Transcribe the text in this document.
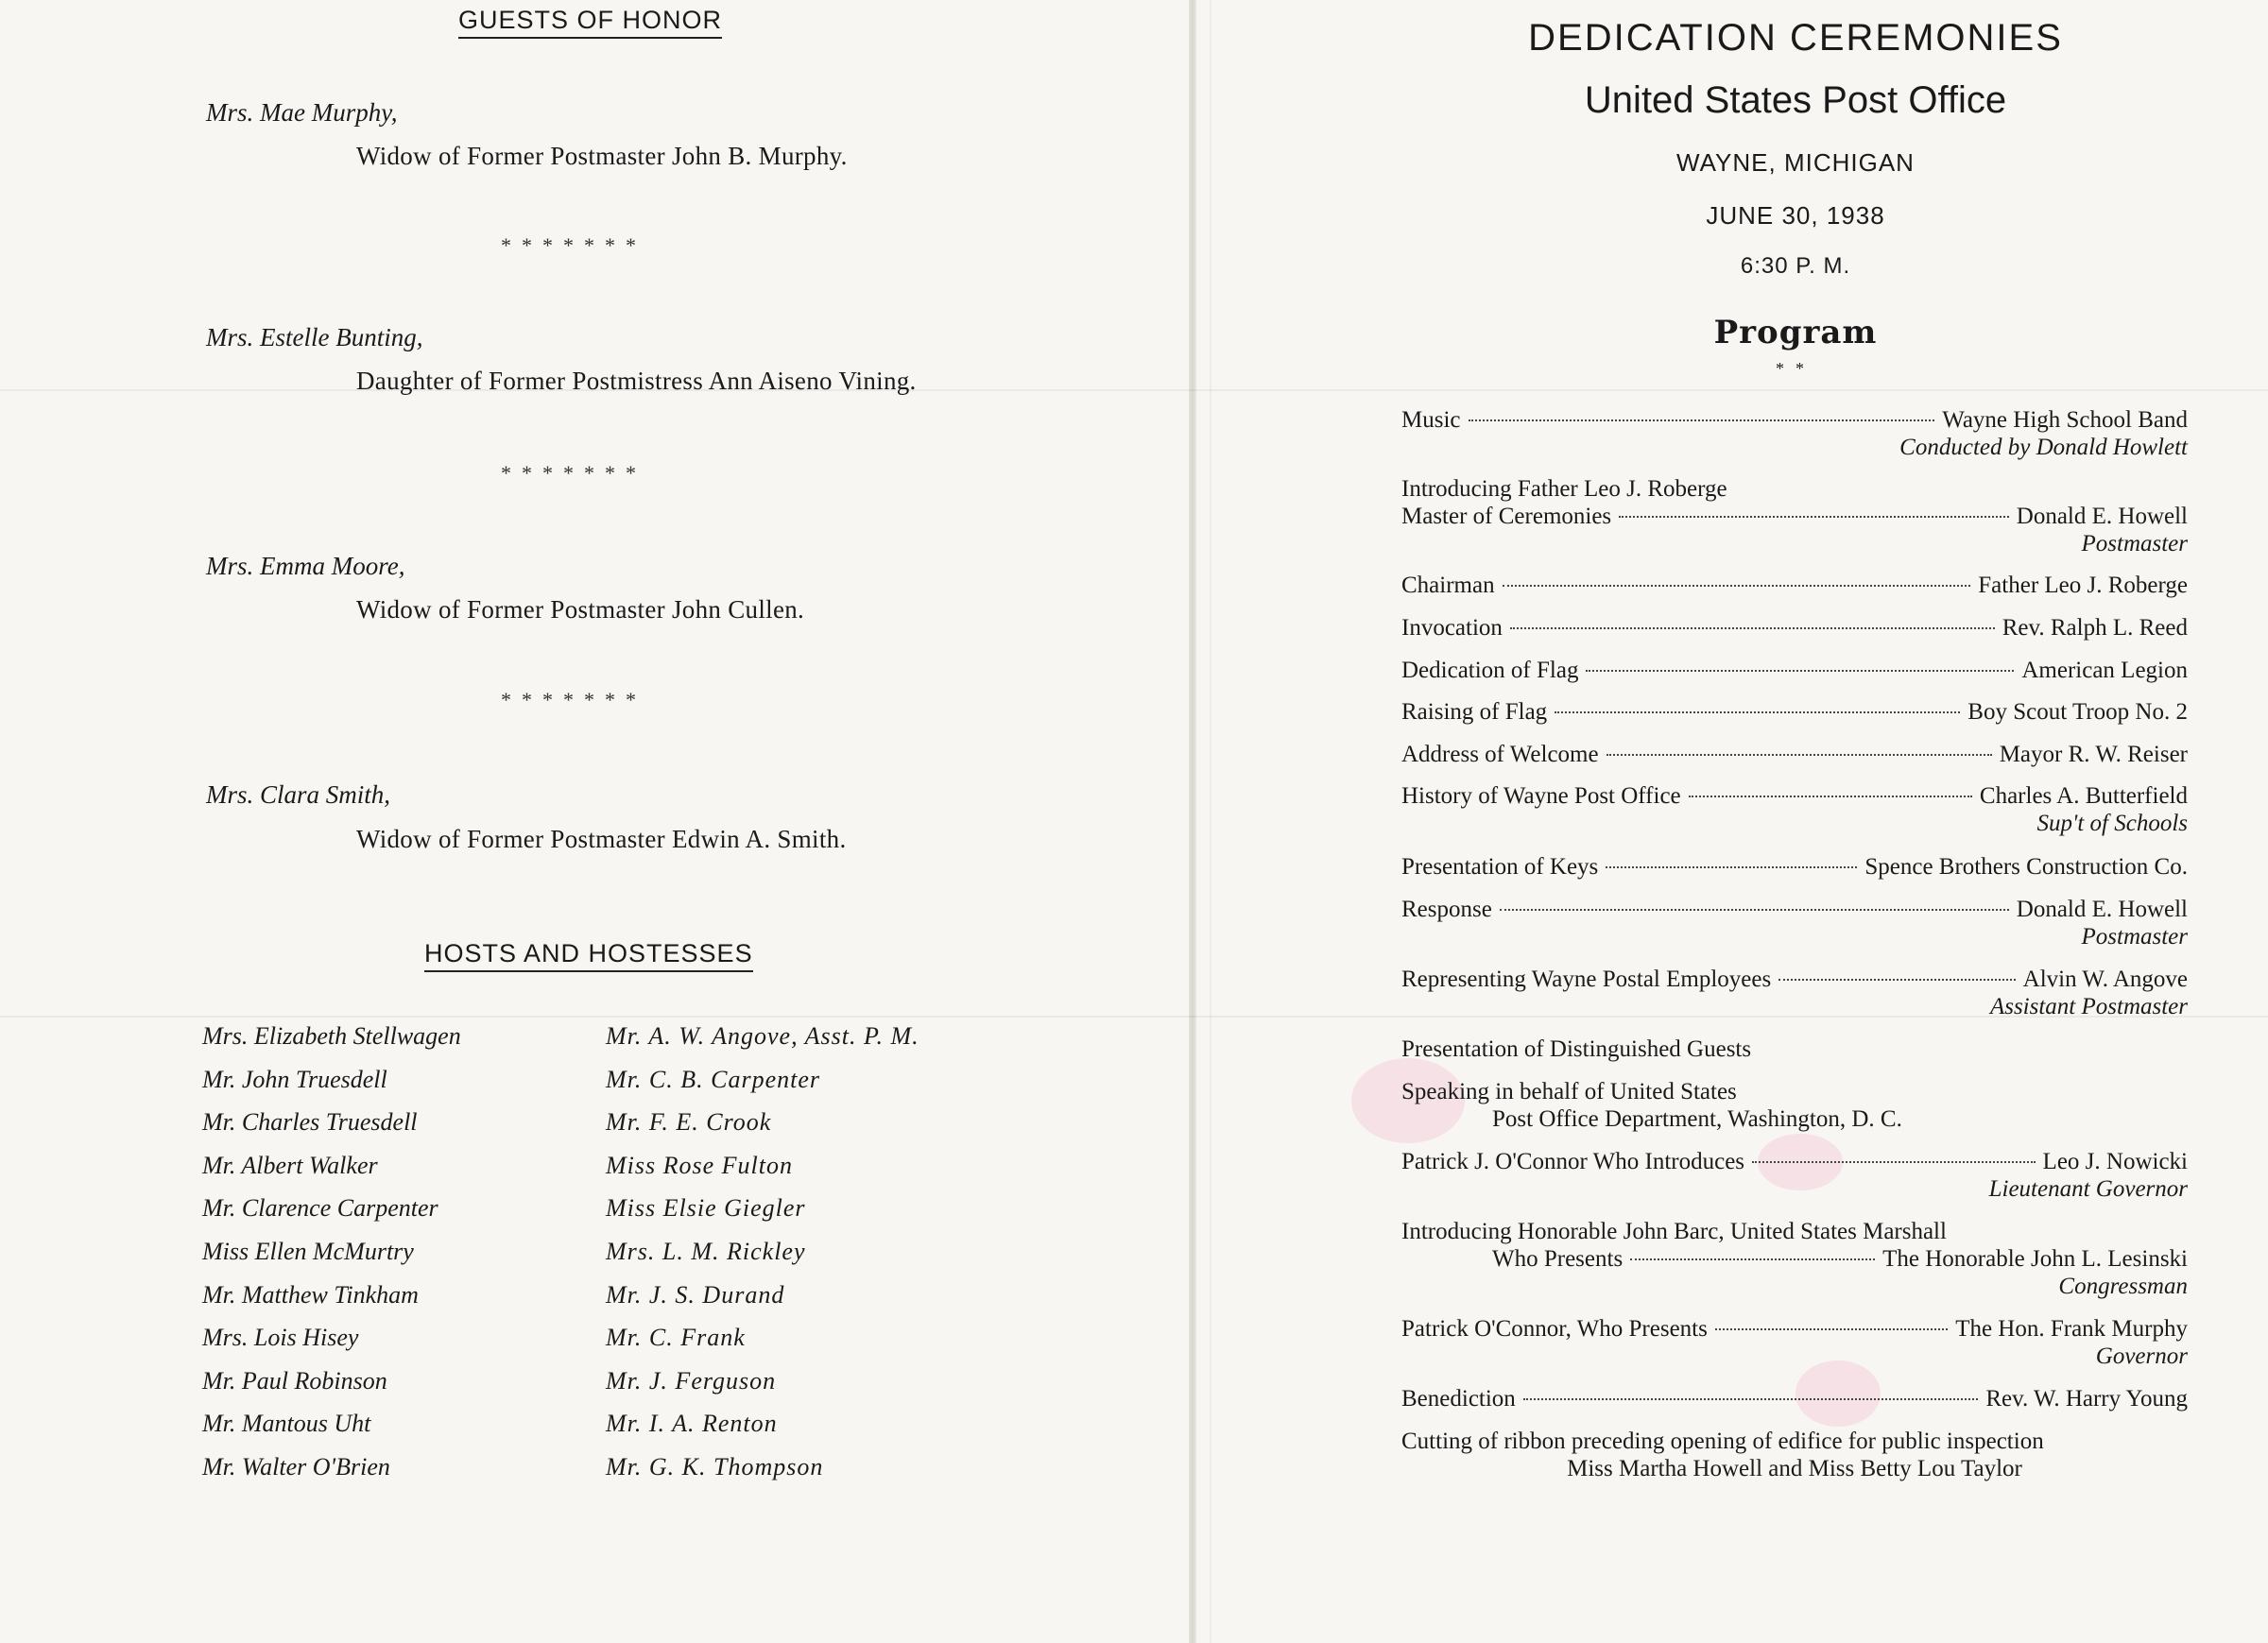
GUESTS OF HONOR
Mrs. Mae Murphy,
Widow of Former Postmaster John B. Murphy.
*******
Mrs. Estelle Bunting,
Daughter of Former Postmistress Ann Aiseno Vining.
*******
Mrs. Emma Moore,
Widow of Former Postmaster John Cullen.
*******
Mrs. Clara Smith,
Widow of Former Postmaster Edwin A. Smith.
HOSTS AND HOSTESSES
Mrs. Elizabeth Stellwagen
Mr. John Truesdell
Mr. Charles Truesdell
Mr. Albert Walker
Mr. Clarence Carpenter
Miss Ellen McMurtry
Mr. Matthew Tinkham
Mrs. Lois Hisey
Mr. Paul Robinson
Mr. Mantous Uht
Mr. Walter O'Brien
Mr. A. W. Angove, Asst. P. M.
Mr. C. B. Carpenter
Mr. F. E. Crook
Miss Rose Fulton
Miss Elsie Giegler
Mrs. L. M. Rickley
Mr. J. S. Durand
Mr. C. Frank
Mr. J. Ferguson
Mr. I. A. Renton
Mr. G. K. Thompson
DEDICATION CEREMONIES
United States Post Office
WAYNE, MICHIGAN
JUNE 30, 1938
6:30 P. M.
Program
**
Music	Wayne High School Band
Conducted by Donald Howlett
Introducing Father Leo J. Roberge
Master of Ceremonies	Donald E. Howell
Postmaster
Chairman	Father Leo J. Roberge
Invocation	Rev. Ralph L. Reed
Dedication of Flag	American Legion
Raising of Flag	Boy Scout Troop No. 2
Address of Welcome	Mayor R. W. Reiser
History of Wayne Post Office	Charles A. Butterfield
Sup't of Schools
Presentation of Keys	Spence Brothers Construction Co.
Response	Donald E. Howell
Postmaster
Representing Wayne Postal Employees	Alvin W. Angove
Assistant Postmaster
Presentation of Distinguished Guests
Speaking in behalf of United States
Post Office Department, Washington, D. C.
Patrick J. O'Connor Who Introduces	Leo J. Nowicki
Lieutenant Governor
Introducing Honorable John Barc, United States Marshall
Who Presents	The Honorable John L. Lesinski
Congressman
Patrick O'Connor, Who Presents	The Hon. Frank Murphy
Governor
Benediction	Rev. W. Harry Young
Cutting of ribbon preceding opening of edifice for public inspection
Miss Martha Howell and Miss Betty Lou Taylor
